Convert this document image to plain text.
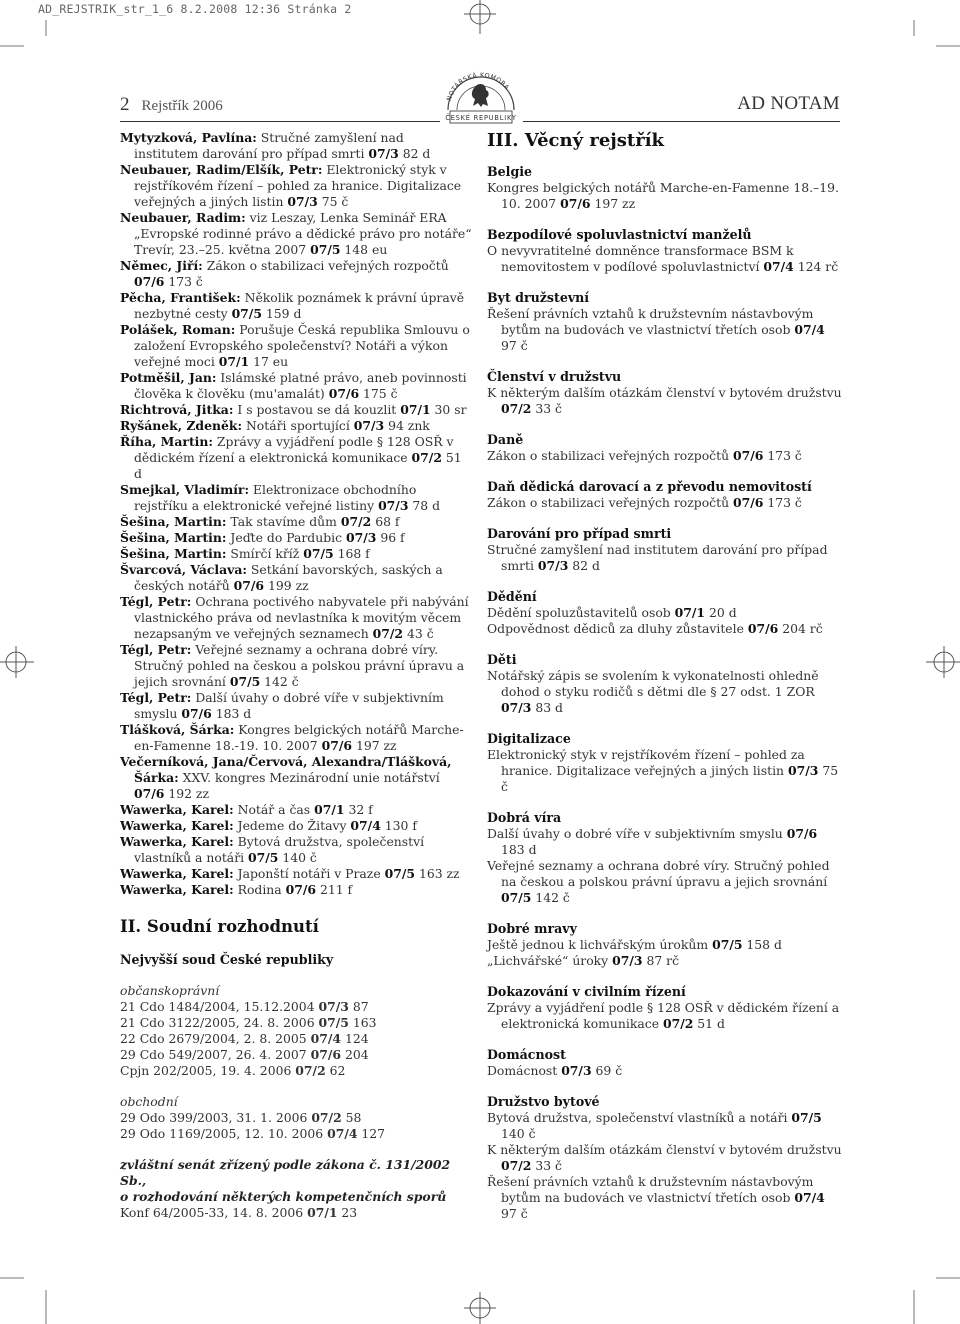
AD_REJSTRIK_str_1_6 8.2.2008 12:36 Stránka 2
2 Rejstřík 2006	AD NOTAM
NOTÁŘSKÁ KOMORA
ČESKÉ REPUBLIKY

Mytyzková, Pavlína: Stručné zamyšlení nad institutem darování pro případ smrti 07/3 82 d

Neubauer, Radim/Elšík, Petr: Elektronický styk v rejstříkovém řízení – pohled za hranice. Digitalizace veřejných a jiných listin 07/3 75 č

Neubauer, Radim: viz Leszay, Lenka Seminář ERA „Evropské rodinné právo a dědické právo pro notáře“ Trevír, 23.–25. května 2007 07/5 148 eu

Němec, Jiří: Zákon o stabilizaci veřejných rozpočtů 07/6 173 č

Pěcha, František: Několik poznámek k právní úpravě nezbytné cesty 07/5 159 d

Polášek, Roman: Porušuje Česká republika Smlouvu o založení Evropského společenství? Notáři a výkon veřejné moci 07/1 17 eu

Potměšil, Jan: Islámské platné právo, aneb povinnosti člověka k člověku (mu'amalát) 07/6 175 č

Richtrová, Jitka: I s postavou se dá kouzlit 07/1 30 sr

Ryšánek, Zdeněk: Notáři sportující 07/3 94 znk

Říha, Martin: Zprávy a vyjádření podle § 128 OSŘ v dědickém řízení a elektronická komunikace 07/2 51 d

Smejkal, Vladimír: Elektronizace obchodního rejstříku a elektronické veřejné listiny 07/3 78 d

Šešina, Martin: Tak stavíme dům 07/2 68 f

Šešina, Martin: Jeďte do Pardubic 07/3 96 f

Šešina, Martin: Smírčí kříž 07/5 168 f

Švarcová, Václava: Setkání bavorských, saských a českých notářů 07/6 199 zz

Tégl, Petr: Ochrana poctivého nabyvatele při nabývání vlastnického práva od nevlastníka k movitým věcem nezapsaným ve veřejných seznamech 07/2 43 č

Tégl, Petr: Veřejné seznamy a ochrana dobré víry. Stručný pohled na českou a polskou právní úpravu a jejich srovnání 07/5 142 č

Tégl, Petr: Další úvahy o dobré víře v subjektivním smyslu 07/6 183 d

Tlášková, Šárka: Kongres belgických notářů Marche-en-Famenne 18.-19. 10. 2007 07/6 197 zz

Večerníková, Jana/Červová, Alexandra/Tlášková, Šárka: XXV. kongres Mezinárodní unie notářství 07/6 192 zz

Wawerka, Karel: Notář a čas 07/1 32 f

Wawerka, Karel: Jedeme do Žitavy 07/4 130 f

Wawerka, Karel: Bytová družstva, společenství vlastníků a notáři 07/5 140 č

Wawerka, Karel: Japonští notáři v Praze 07/5 163 zz

Wawerka, Karel: Rodina 07/6 211 f

II. Soudní rozhodnutí

Nejvyšší soud České republiky

občanskoprávní

21 Cdo 1484/2004, 15.12.2004 07/3 87

21 Cdo 3122/2005, 24. 8. 2006 07/5 163

22 Cdo 2679/2004, 2. 8. 2005 07/4 124

29 Cdo 549/2007, 26. 4. 2007 07/6 204

Cpjn 202/2005, 19. 4. 2006 07/2 62

obchodní

29 Odo 399/2003, 31. 1. 2006 07/2 58

29 Odo 1169/2005, 12. 10. 2006 07/4 127

zvláštní senát zřízený podle zákona č. 131/2002 Sb.,

o rozhodování některých kompetenčních sporů

Konf 64/2005-33, 14. 8. 2006 07/1 23

III. Věcný rejstřík

Belgie

Kongres belgických notářů Marche-en-Famenne 18.–19. 10. 2007 07/6 197 zz

Bezpodílové spoluvlastnictví manželů

O nevyvratitelné domněnce transformace BSM k nemovitostem v podílové spoluvlastnictví 07/4 124 rč

Byt družstevní

Řešení právních vztahů k družstevním nástavbovým bytům na budovách ve vlastnictví třetích osob 07/4 97 č

Členství v družstvu

K některým dalším otázkám členství v bytovém družstvu 07/2 33 č

Daně

Zákon o stabilizaci veřejných rozpočtů 07/6 173 č

Daň dědická darovací a z převodu nemovitostí

Zákon o stabilizaci veřejných rozpočtů 07/6 173 č

Darování pro případ smrti

Stručné zamyšlení nad institutem darování pro případ smrti 07/3 82 d

Dědění

Dědění spoluzůstavitelů osob 07/1 20 d

Odpovědnost dědiců za dluhy zůstavitele 07/6 204 rč

Děti

Notářský zápis se svolením k vykonatelnosti ohledně dohod o styku rodičů s dětmi dle § 27 odst. 1 ZOR 07/3 83 d

Digitalizace

Elektronický styk v rejstříkovém řízení – pohled za hranice. Digitalizace veřejných a jiných listin 07/3 75 č

Dobrá víra

Další úvahy o dobré víře v subjektivním smyslu 07/6 183 d

Veřejné seznamy a ochrana dobré víry. Stručný pohled na českou a polskou právní úpravu a jejich srovnání 07/5 142 č

Dobré mravy

Ještě jednou k lichvářským úrokům 07/5 158 d

„Lichvářské“ úroky 07/3 87 rč

Dokazování v civilním řízení

Zprávy a vyjádření podle § 128 OSŘ v dědickém řízení a elektronická komunikace 07/2 51 d

Domácnost

Domácnost 07/3 69 č

Družstvo bytové

Bytová družstva, společenství vlastníků a notáři 07/5 140 č

K některým dalším otázkám členství v bytovém družstvu 07/2 33 č

Řešení právních vztahů k družstevním nástavbovým bytům na budovách ve vlastnictví třetích osob 07/4 97 č
